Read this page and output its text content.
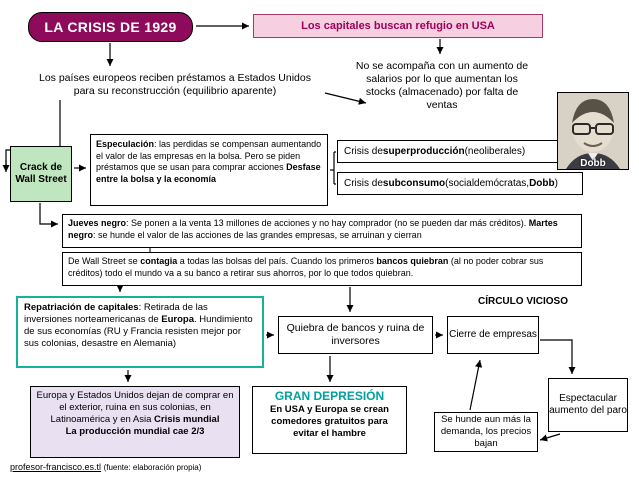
LA CRISIS DE 1929	Los capitales buscan refugio en USA
Los países europeos reciben préstamos a Estados Unidos para su reconstrucción (equilibrio aparente)
No se acompaña con un aumento de salarios por lo que aumentan los stocks (almacenado) por falta de ventas
Crack de Wall Street
Especulación: las perdidas se compensan aumentando el valor de las empresas en la bolsa. Pero se piden préstamos que se usan para comprar acciones Desfase entre la bolsa y la economía
Crisis de superproducción (neoliberales)
Crisis de subconsumo (socialdemócratas, Dobb )
Dobb
Jueves negro: Se ponen a la venta 13 millones de acciones y no hay comprador (no se pueden dar más créditos). Martes negro: se hunde el valor de las acciones de las grandes empresas, se arruinan y cierran
De Wall Street se contagia a todas las bolsas del país. Cuando los primeros bancos quiebran (al no poder cobrar sus créditos) todo el mundo va a su banco a retirar sus ahorros, por lo que todos quiebran.
Repatriación de capitales: Retirada de las inversiones norteamericanas de Europa. Hundimiento de sus economías (RU y Francia resisten mejor por sus colonias, desastre en Alemania)
Quiebra de bancos y ruina de inversores
CÍRCULO VICIOSO
Cierre de empresas
Espectacular aumento del paro
Se hunde aun más la demanda, los precios bajan
Europa y Estados Unidos dejan de comprar en el exterior, ruina en sus colonias, en Latinoamérica y en Asia Crisis mundial
La producción mundial cae 2/3
GRAN DEPRESIÓN
En USA y Europa se crean comedores gratuitos para evitar el hambre
profesor-francisco.es.tl (fuente: elaboración propia)
